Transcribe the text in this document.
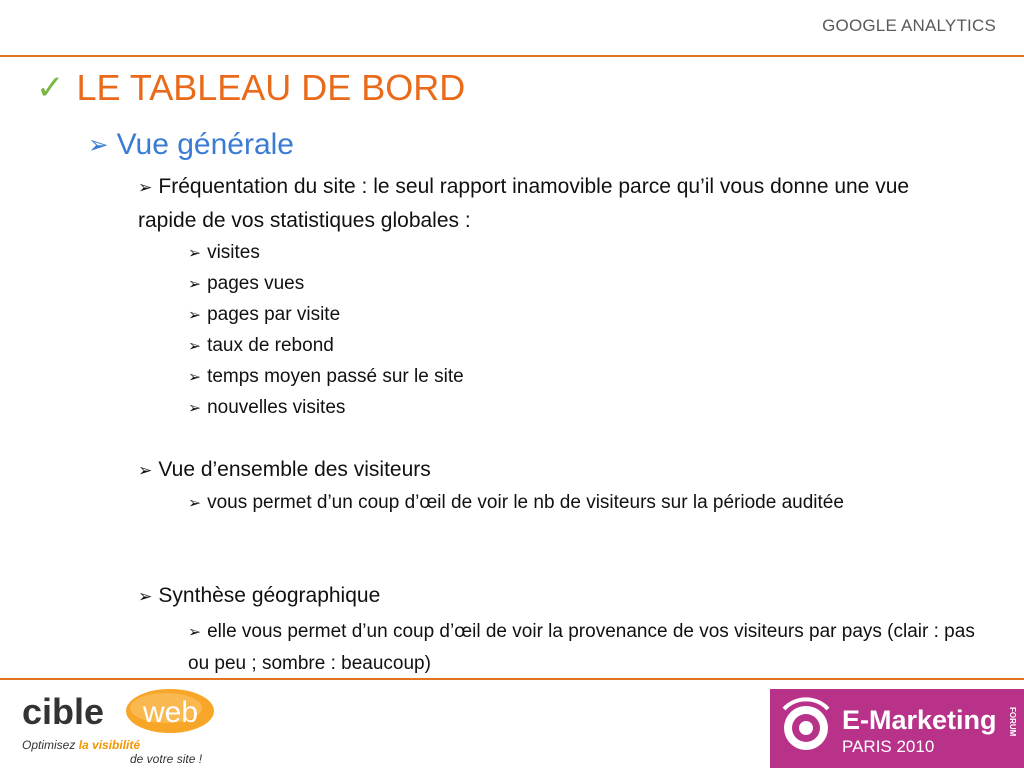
GOOGLE ANALYTICS
✓ LE TABLEAU DE BORD
➢ Vue générale
➢ Fréquentation du site : le seul rapport inamovible parce qu’il vous donne une vue rapide de vos statistiques globales :
➢ visites
➢ pages vues
➢ pages par visite
➢ taux de rebond
➢ temps moyen passé sur le site
➢ nouvelles visites
➢ Vue d’ensemble des visiteurs
➢ vous permet d’un coup d’œil de voir le nb de visiteurs sur la période auditée
➢ Synthèse géographique
➢ elle vous permet d’un coup d’œil de voir la provenance de vos visiteurs par pays (clair : pas ou peu ; sombre : beaucoup)
cible web
Optimisez la visibilité
de votre site !
E-Marketing
PARIS 2010
FORUM
